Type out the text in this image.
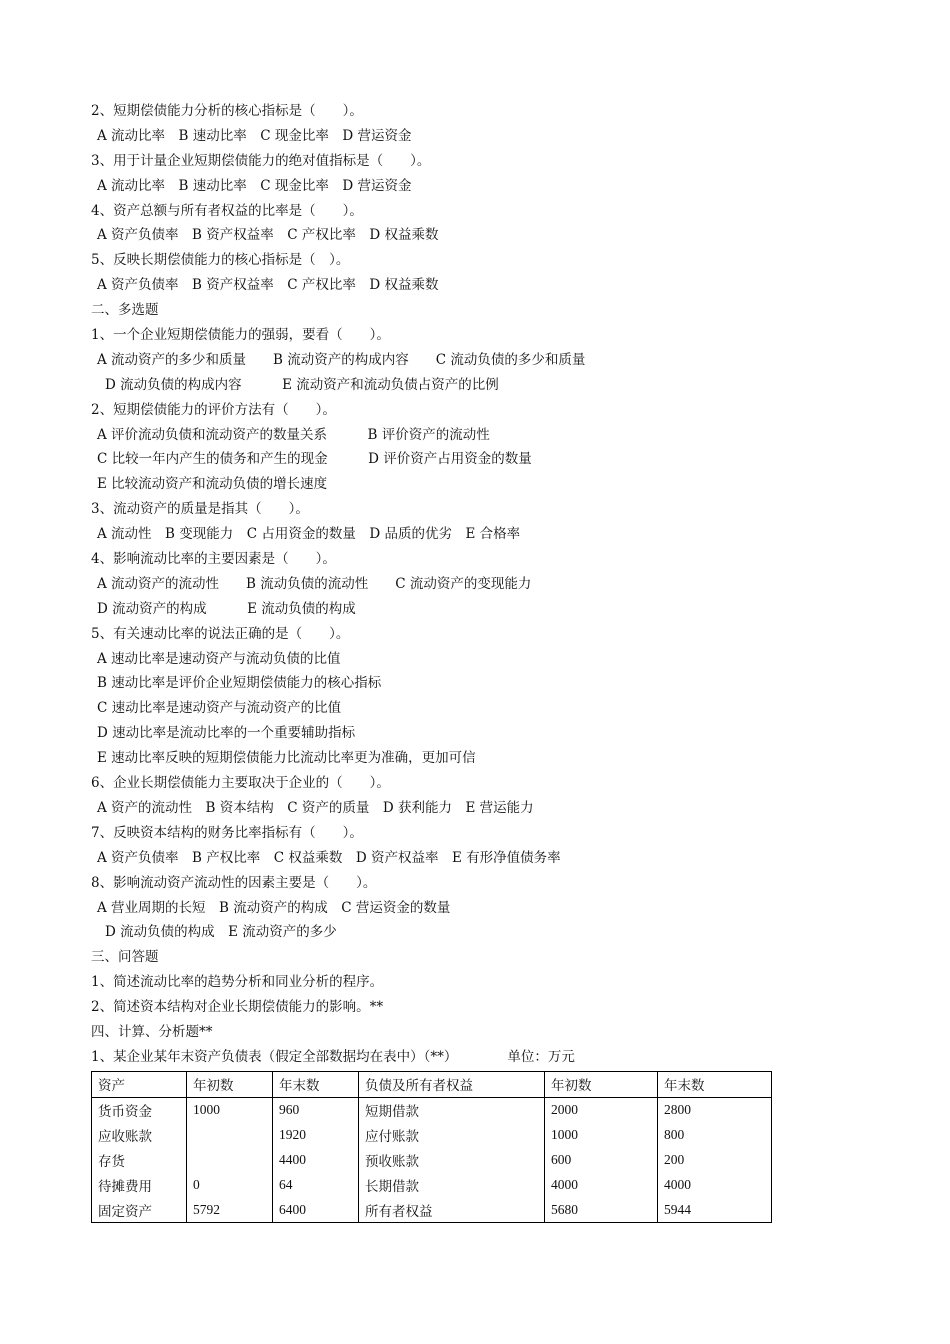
2、短期偿债能力分析的核心指标是（　　）。
A 流动比率　B 速动比率　C 现金比率　D 营运资金
3、用于计量企业短期偿债能力的绝对值指标是（　　）。
A 流动比率　B 速动比率　C 现金比率　D 营运资金
4、资产总额与所有者权益的比率是（　　）。
A 资产负债率　B 资产权益率　C 产权比率　D 权益乘数
5、反映长期偿债能力的核心指标是（　）。
A 资产负债率　B 资产权益率　C 产权比率　D 权益乘数
二、多选题
1、一个企业短期偿债能力的强弱，要看（　　）。
A 流动资产的多少和质量　　B 流动资产的构成内容　　C 流动负债的多少和质量
D 流动负债的构成内容　　　E 流动资产和流动负债占资产的比例
2、短期偿债能力的评价方法有（　　）。
A 评价流动负债和流动资产的数量关系　　　B 评价资产的流动性
C 比较一年内产生的债务和产生的现金　　　D 评价资产占用资金的数量
E 比较流动资产和流动负债的增长速度
3、流动资产的质量是指其（　　）。
A 流动性　B 变现能力　C 占用资金的数量　D 品质的优劣　E 合格率
4、影响流动比率的主要因素是（　　）。
A 流动资产的流动性　　B 流动负债的流动性　　C 流动资产的变现能力
D 流动资产的构成　　　E 流动负债的构成
5、有关速动比率的说法正确的是（　　）。
A 速动比率是速动资产与流动负债的比值
B 速动比率是评价企业短期偿债能力的核心指标
C 速动比率是速动资产与流动资产的比值
D 速动比率是流动比率的一个重要辅助指标
E 速动比率反映的短期偿债能力比流动比率更为准确，更加可信
6、企业长期偿债能力主要取决于企业的（　　）。
A 资产的流动性　B 资本结构　C 资产的质量　D 获利能力　E 营运能力
7、反映资本结构的财务比率指标有（　　）。
A 资产负债率　B 产权比率　C 权益乘数　D 资产权益率　E 有形净值债务率
8、影响流动资产流动性的因素主要是（　　）。
A 营业周期的长短　B 流动资产的构成　C 营运资金的数量
D 流动负债的构成　E 流动资产的多少
三、问答题
1、简述流动比率的趋势分析和同业分析的程序。
2、简述资本结构对企业长期偿债能力的影响。**
四、计算、分析题**
1、某企业某年末资产负债表（假定全部数据均在表中）（**）	单位：万元
资产	年初数	年末数	负债及所有者权益	年初数	年末数
货币资金	1000	960	短期借款	2000	2800
应收账款		1920	应付账款	1000	800
存货		4400	预收账款	600	200
待摊费用	0	64	长期借款	4000	4000
固定资产	5792	6400	所有者权益	5680	5944
